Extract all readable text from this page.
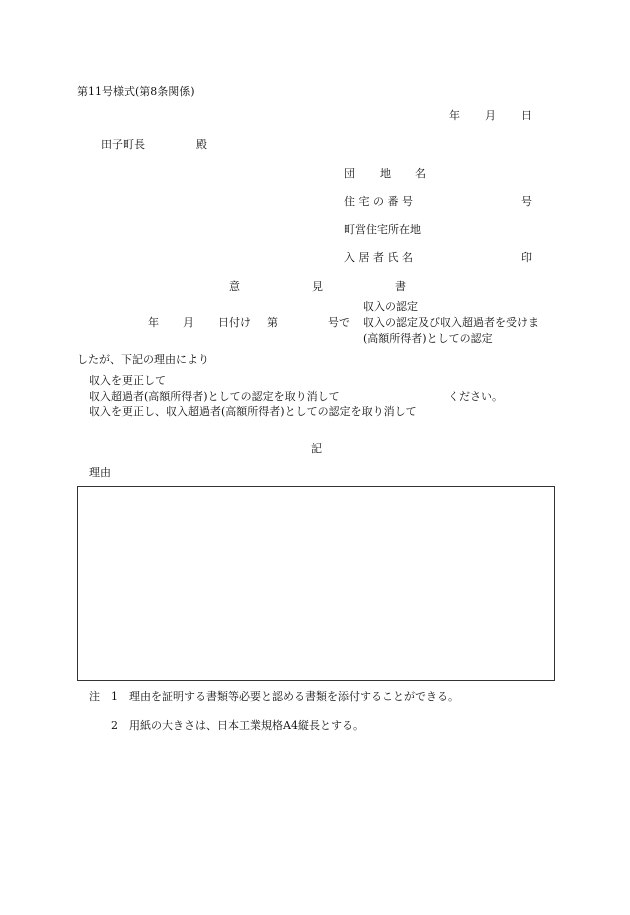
第11号様式(第8条関係)
年 月 日
田子町長	殿
団 地 名
住 宅 の 番 号	号
町営住宅所在地
入 居 者 氏 名	印
意	見	書
収入の認定
年 月 日付け 第	号で 収入の認定及び収入超過者を受けま
(高額所得者)としての認定
したが、下記の理由により
収入を更正して
収入超過者(高額所得者)としての認定を取り消して	ください。
収入を更正し、収入超過者(高額所得者)としての認定を取り消して
記
理由
注 1 理由を証明する書類等必要と認める書類を添付することができる。
2 用紙の大きさは、日本工業規格A4縦長とする。
